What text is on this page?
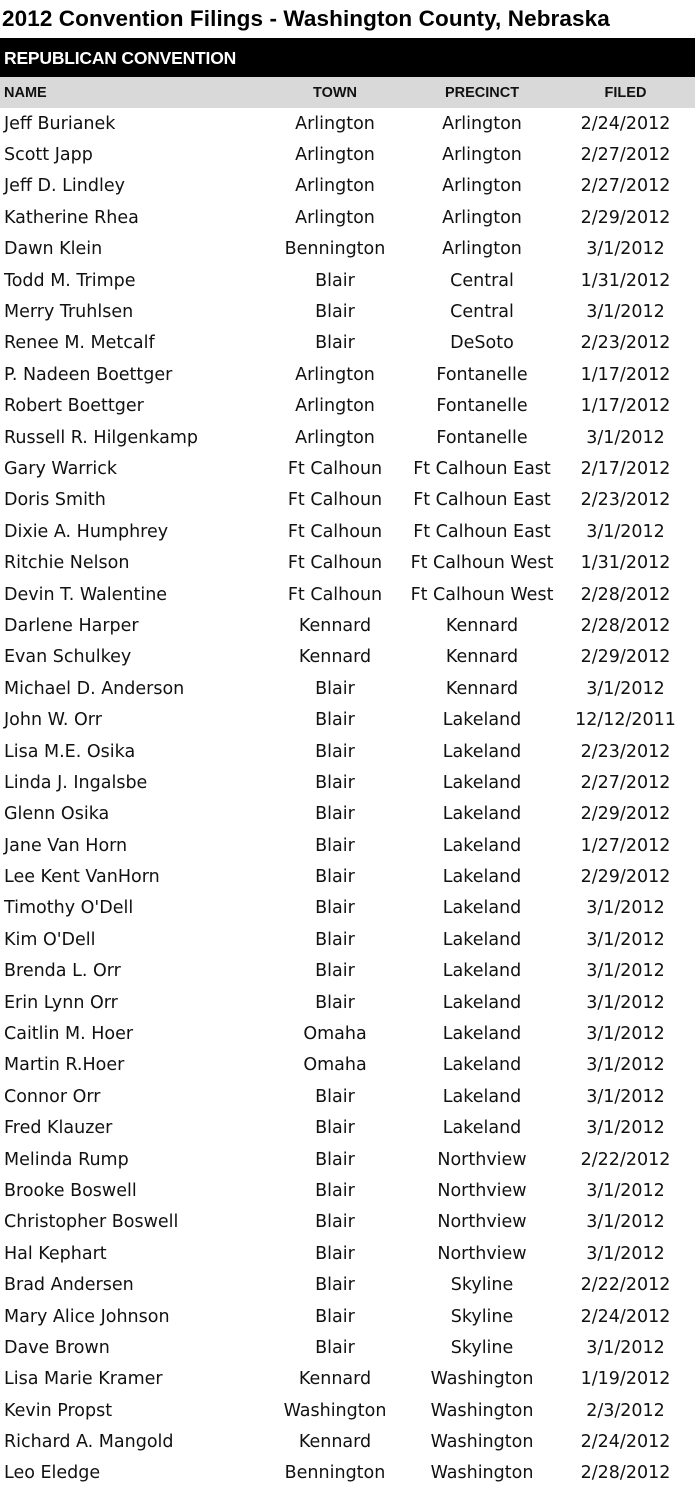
2012 Convention Filings - Washington County, Nebraska
REPUBLICAN CONVENTION
NAME	TOWN	PRECINCT	FILED
Jeff Burianek	Arlington	Arlington	2/24/2012
Scott Japp	Arlington	Arlington	2/27/2012
Jeff D. Lindley	Arlington	Arlington	2/27/2012
Katherine Rhea	Arlington	Arlington	2/29/2012
Dawn Klein	Bennington	Arlington	3/1/2012
Todd M. Trimpe	Blair	Central	1/31/2012
Merry Truhlsen	Blair	Central	3/1/2012
Renee M. Metcalf	Blair	DeSoto	2/23/2012
P. Nadeen Boettger	Arlington	Fontanelle	1/17/2012
Robert Boettger	Arlington	Fontanelle	1/17/2012
Russell R. Hilgenkamp	Arlington	Fontanelle	3/1/2012
Gary Warrick	Ft Calhoun	Ft Calhoun East	2/17/2012
Doris Smith	Ft Calhoun	Ft Calhoun East	2/23/2012
Dixie A. Humphrey	Ft Calhoun	Ft Calhoun East	3/1/2012
Ritchie Nelson	Ft Calhoun	Ft Calhoun West	1/31/2012
Devin T. Walentine	Ft Calhoun	Ft Calhoun West	2/28/2012
Darlene Harper	Kennard	Kennard	2/28/2012
Evan Schulkey	Kennard	Kennard	2/29/2012
Michael D. Anderson	Blair	Kennard	3/1/2012
John W. Orr	Blair	Lakeland	12/12/2011
Lisa M.E. Osika	Blair	Lakeland	2/23/2012
Linda J. Ingalsbe	Blair	Lakeland	2/27/2012
Glenn Osika	Blair	Lakeland	2/29/2012
Jane Van Horn	Blair	Lakeland	1/27/2012
Lee Kent VanHorn	Blair	Lakeland	2/29/2012
Timothy O'Dell	Blair	Lakeland	3/1/2012
Kim O'Dell	Blair	Lakeland	3/1/2012
Brenda L. Orr	Blair	Lakeland	3/1/2012
Erin Lynn Orr	Blair	Lakeland	3/1/2012
Caitlin M. Hoer	Omaha	Lakeland	3/1/2012
Martin R.Hoer	Omaha	Lakeland	3/1/2012
Connor Orr	Blair	Lakeland	3/1/2012
Fred Klauzer	Blair	Lakeland	3/1/2012
Melinda Rump	Blair	Northview	2/22/2012
Brooke Boswell	Blair	Northview	3/1/2012
Christopher Boswell	Blair	Northview	3/1/2012
Hal Kephart	Blair	Northview	3/1/2012
Brad Andersen	Blair	Skyline	2/22/2012
Mary Alice Johnson	Blair	Skyline	2/24/2012
Dave Brown	Blair	Skyline	3/1/2012
Lisa Marie Kramer	Kennard	Washington	1/19/2012
Kevin Propst	Washington	Washington	2/3/2012
Richard A. Mangold	Kennard	Washington	2/24/2012
Leo Eledge	Bennington	Washington	2/28/2012
